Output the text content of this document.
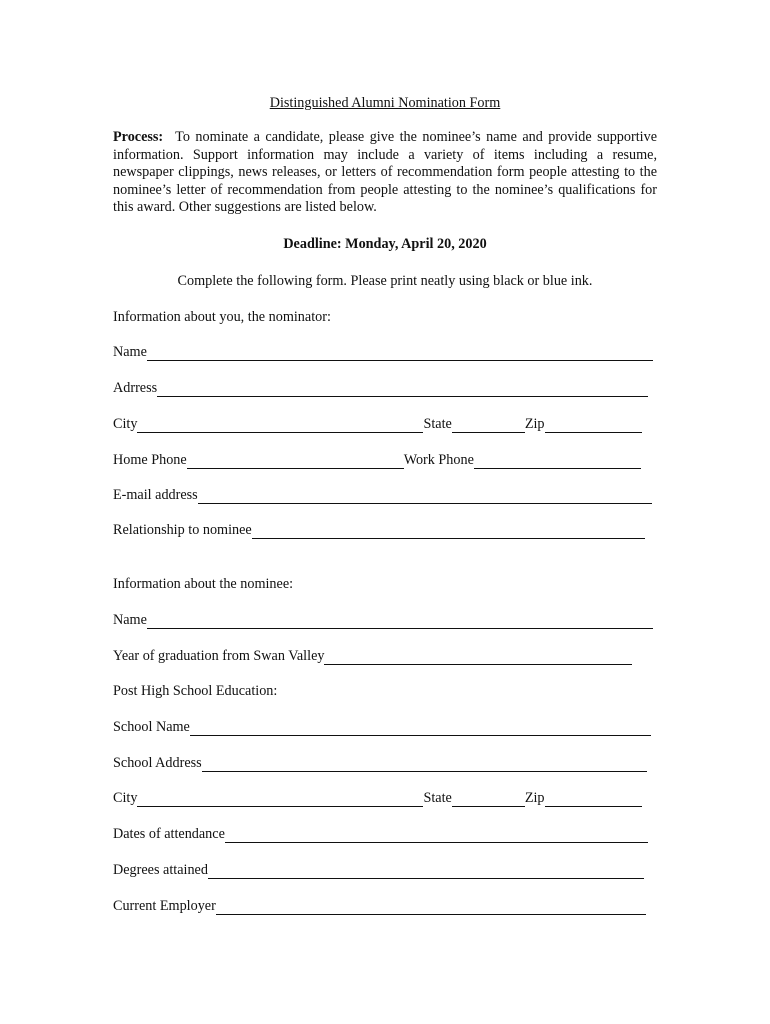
Distinguished Alumni Nomination Form
Process: To nominate a candidate, please give the nominee’s name and provide supportive information. Support information may include a variety of items including a resume, newspaper clippings, news releases, or letters of recommendation form people attesting to the nominee’s letter of recommendation from people attesting to the nominee’s qualifications for this award. Other suggestions are listed below.
Deadline: Monday, April 20, 2020
Complete the following form. Please print neatly using black or blue ink.
Information about you, the nominator:
Name
Adrress
City	State	Zip
Home Phone	Work Phone
E-mail address
Relationship to nominee
Information about the nominee:
Name
Year of graduation from Swan Valley
Post High School Education:
School Name
School Address
City	State	Zip
Dates of attendance
Degrees attained
Current Employer
